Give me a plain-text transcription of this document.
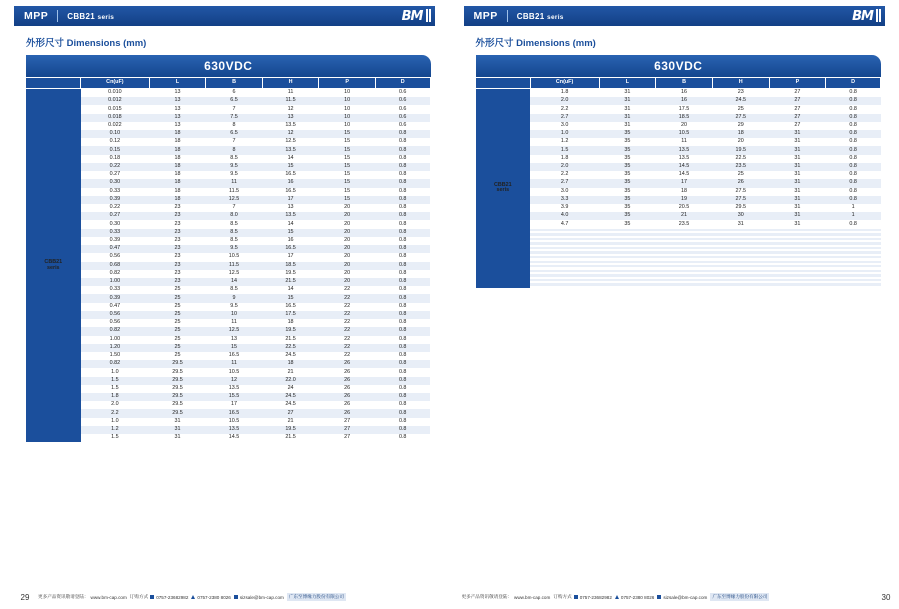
MPP CBB21 seris	BM
外形尺寸 Dimensions (mm)
630VDC
	Cn(uF)	L	B	H	P	D

CBB21
seris	0.010	13	6	11	10	0.6
	0.012	13	6.5	11.5	10	0.6
	0.015	13	7	12	10	0.6
	0.018	13	7.5	13	10	0.6
	0.022	13	8	13.5	10	0.6
	0.10	18	6.5	12	15	0.8
	0.12	18	7	12.5	15	0.8
	0.15	18	8	13.5	15	0.8
	0.18	18	8.5	14	15	0.8
	0.22	18	9.5	15	15	0.8
	0.27	18	9.5	16.5	15	0.8
	0.30	18	11	16	15	0.8
	0.33	18	11.5	16.5	15	0.8
	0.39	18	12.5	17	15	0.8
	0.22	23	7	13	20	0.8
	0.27	23	8.0	13.5	20	0.8
	0.30	23	8.5	14	20	0.8
	0.33	23	8.5	15	20	0.8
	0.39	23	8.5	16	20	0.8
	0.47	23	9.5	16.5	20	0.8
	0.56	23	10.5	17	20	0.8
	0.68	23	11.5	18.5	20	0.8
	0.82	23	12.5	19.5	20	0.8
	1.00	23	14	21.5	20	0.8
	0.33	25	8.5	14	22	0.8
	0.39	25	9	15	22	0.8
	0.47	25	9.5	16.5	22	0.8
	0.56	25	10	17.5	22	0.8
	0.56	25	11	18	22	0.8
	0.82	25	12.5	19.5	22	0.8
	1.00	25	13	21.5	22	0.8
	1.20	25	15	22.5	22	0.8
	1.50	25	16.5	24.5	22	0.8
	0.82	29.5	11	18	26	0.8
	1.0	29.5	10.5	21	26	0.8
	1.5	29.5	12	22.0	26	0.8
	1.5	29.5	13.5	24	26	0.8
	1.8	29.5	15.5	24.5	26	0.8
	2.0	29.5	17	24.5	26	0.8
	2.2	29.5	16.5	27	26	0.8
	1.0	31	10.5	21	27	0.8
	1.2	31	13.5	19.5	27	0.8
	1.5	31	14.5	21.5	27	0.8
29	更多产品资讯敬请登陆： www.bm-cap.com 订购方式 0757-23682982 0757-2380 8026 sizsale@bm-cap.com	广东至博缘力股份有限公司
MPP CBB21 seris	BM
外形尺寸 Dimensions (mm)
630VDC
	Cn(uF)	L	B	H	P	D

CBB21
seris	1.8	31	16	23	27	0.8
	2.0	31	16	24.5	27	0.8
	2.2	31	17.5	25	27	0.8
	2.7	31	18.5	27.5	27	0.8
	3.0	31	20	29	27	0.8
	1.0	35	10.5	18	31	0.8
	1.2	35	11	20	31	0.8
	1.5	35	13.5	19.5	31	0.8
	1.8	35	13.5	22.5	31	0.8
	2.0	35	14.5	23.5	31	0.8
	2.2	35	14.5	25	31	0.8
	2.7	35	17	26	31	0.8
	3.0	35	18	27.5	31	0.8
	3.3	35	19	27.5	31	0.8
	3.9	35	20.5	29.5	31	1
	4.0	35	21	30	31	1
	4.7	35	23.5	31	31	0.8

更多产品资讯敬请登陆： www.bm-cap.com 订购方式 0757-23682982 0757-2380 8026 sizsale@bm-cap.com	广东至博缘力股份有限公司	30
